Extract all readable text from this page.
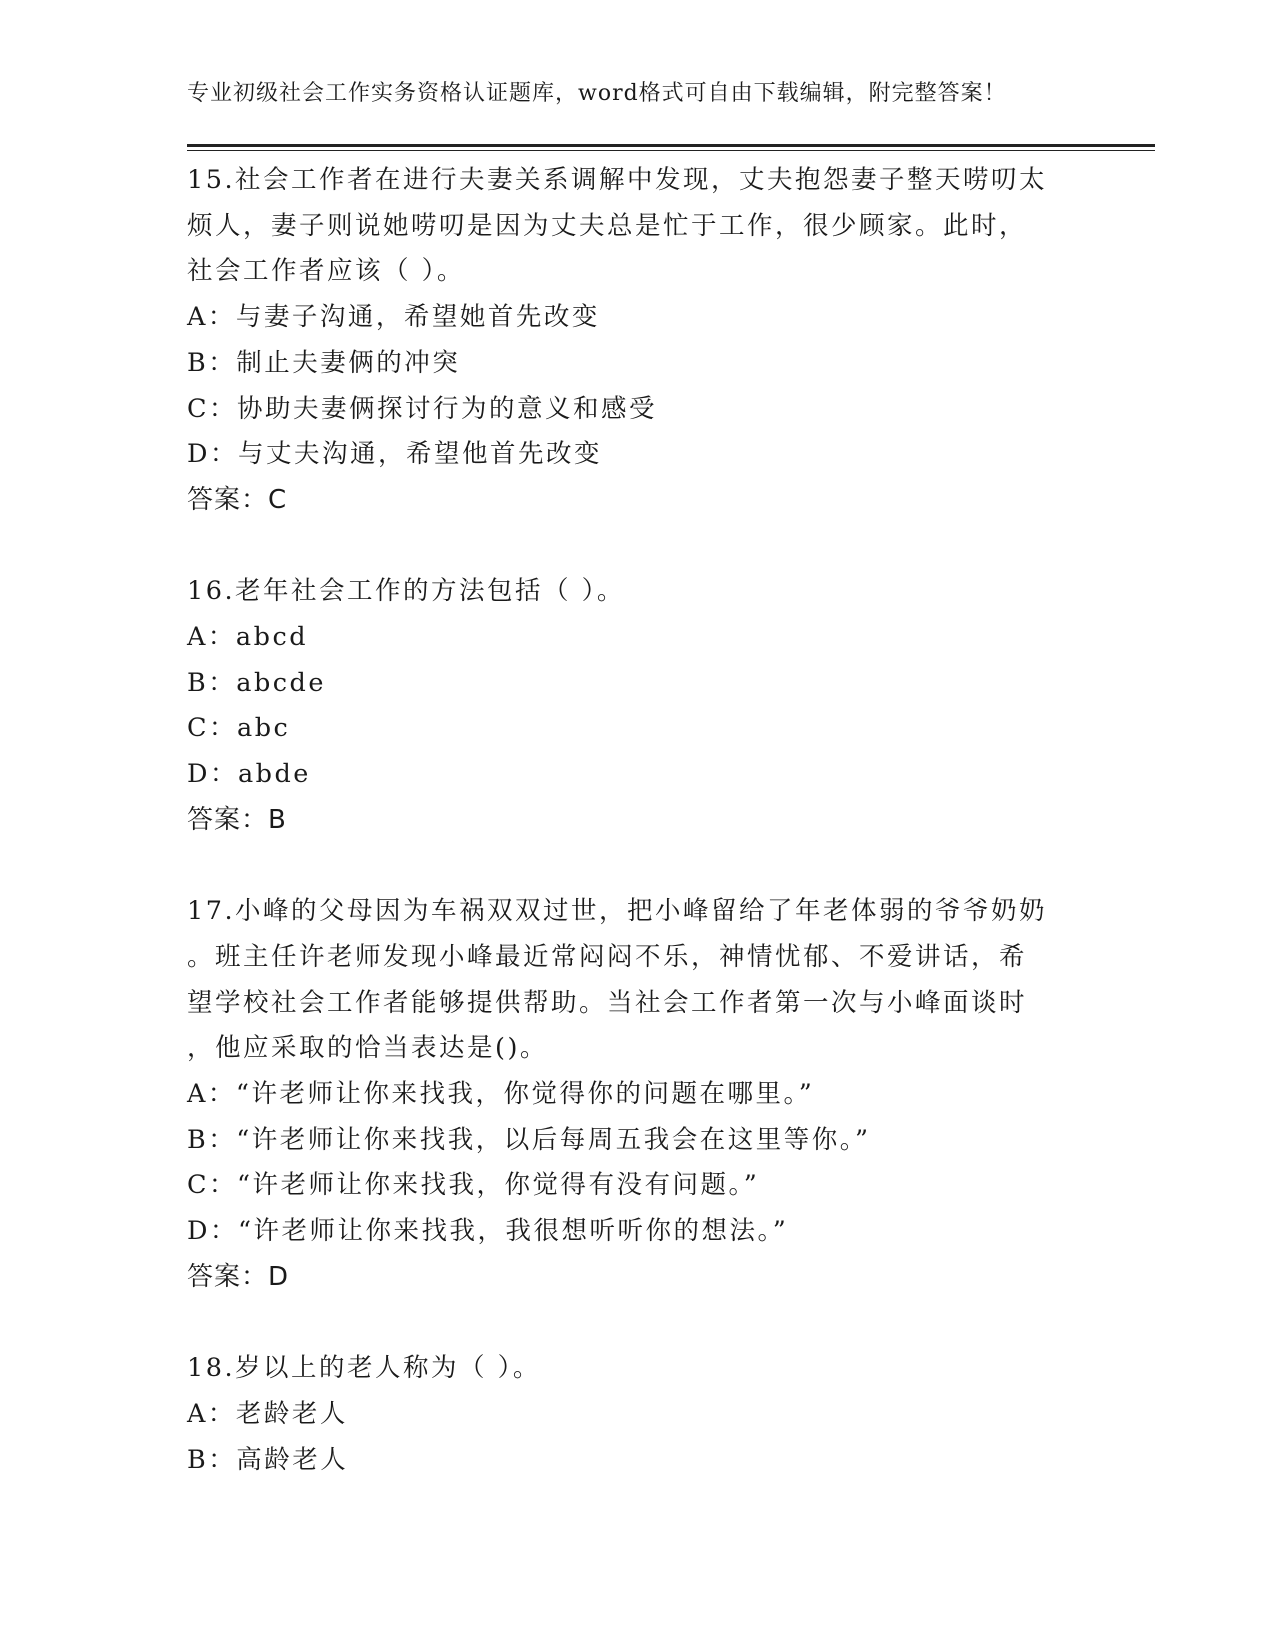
专业初级社会工作实务资格认证题库，word格式可自由下载编辑，附完整答案！
15.社会工作者在进行夫妻关系调解中发现，丈夫抱怨妻子整天唠叨太
烦人，妻子则说她唠叨是因为丈夫总是忙于工作，很少顾家。此时，
社会工作者应该（ ）。
A：与妻子沟通，希望她首先改变
B：制止夫妻俩的冲突
C：协助夫妻俩探讨行为的意义和感受
D：与丈夫沟通，希望他首先改变
答案：C
16.老年社会工作的方法包括（ ）。
A：abcd
B：abcde
C：abc
D：abde
答案：B
17.小峰的父母因为车祸双双过世，把小峰留给了年老体弱的爷爷奶奶
。班主任许老师发现小峰最近常闷闷不乐，神情忧郁、不爱讲话，希
望学校社会工作者能够提供帮助。当社会工作者第一次与小峰面谈时
，他应采取的恰当表达是()。
A：“许老师让你来找我，你觉得你的问题在哪里。”
B：“许老师让你来找我，以后每周五我会在这里等你。”
C：“许老师让你来找我，你觉得有没有问题。”
D：“许老师让你来找我，我很想听听你的想法。”
答案：D
18.岁以上的老人称为（ ）。
A：老龄老人
B：高龄老人
